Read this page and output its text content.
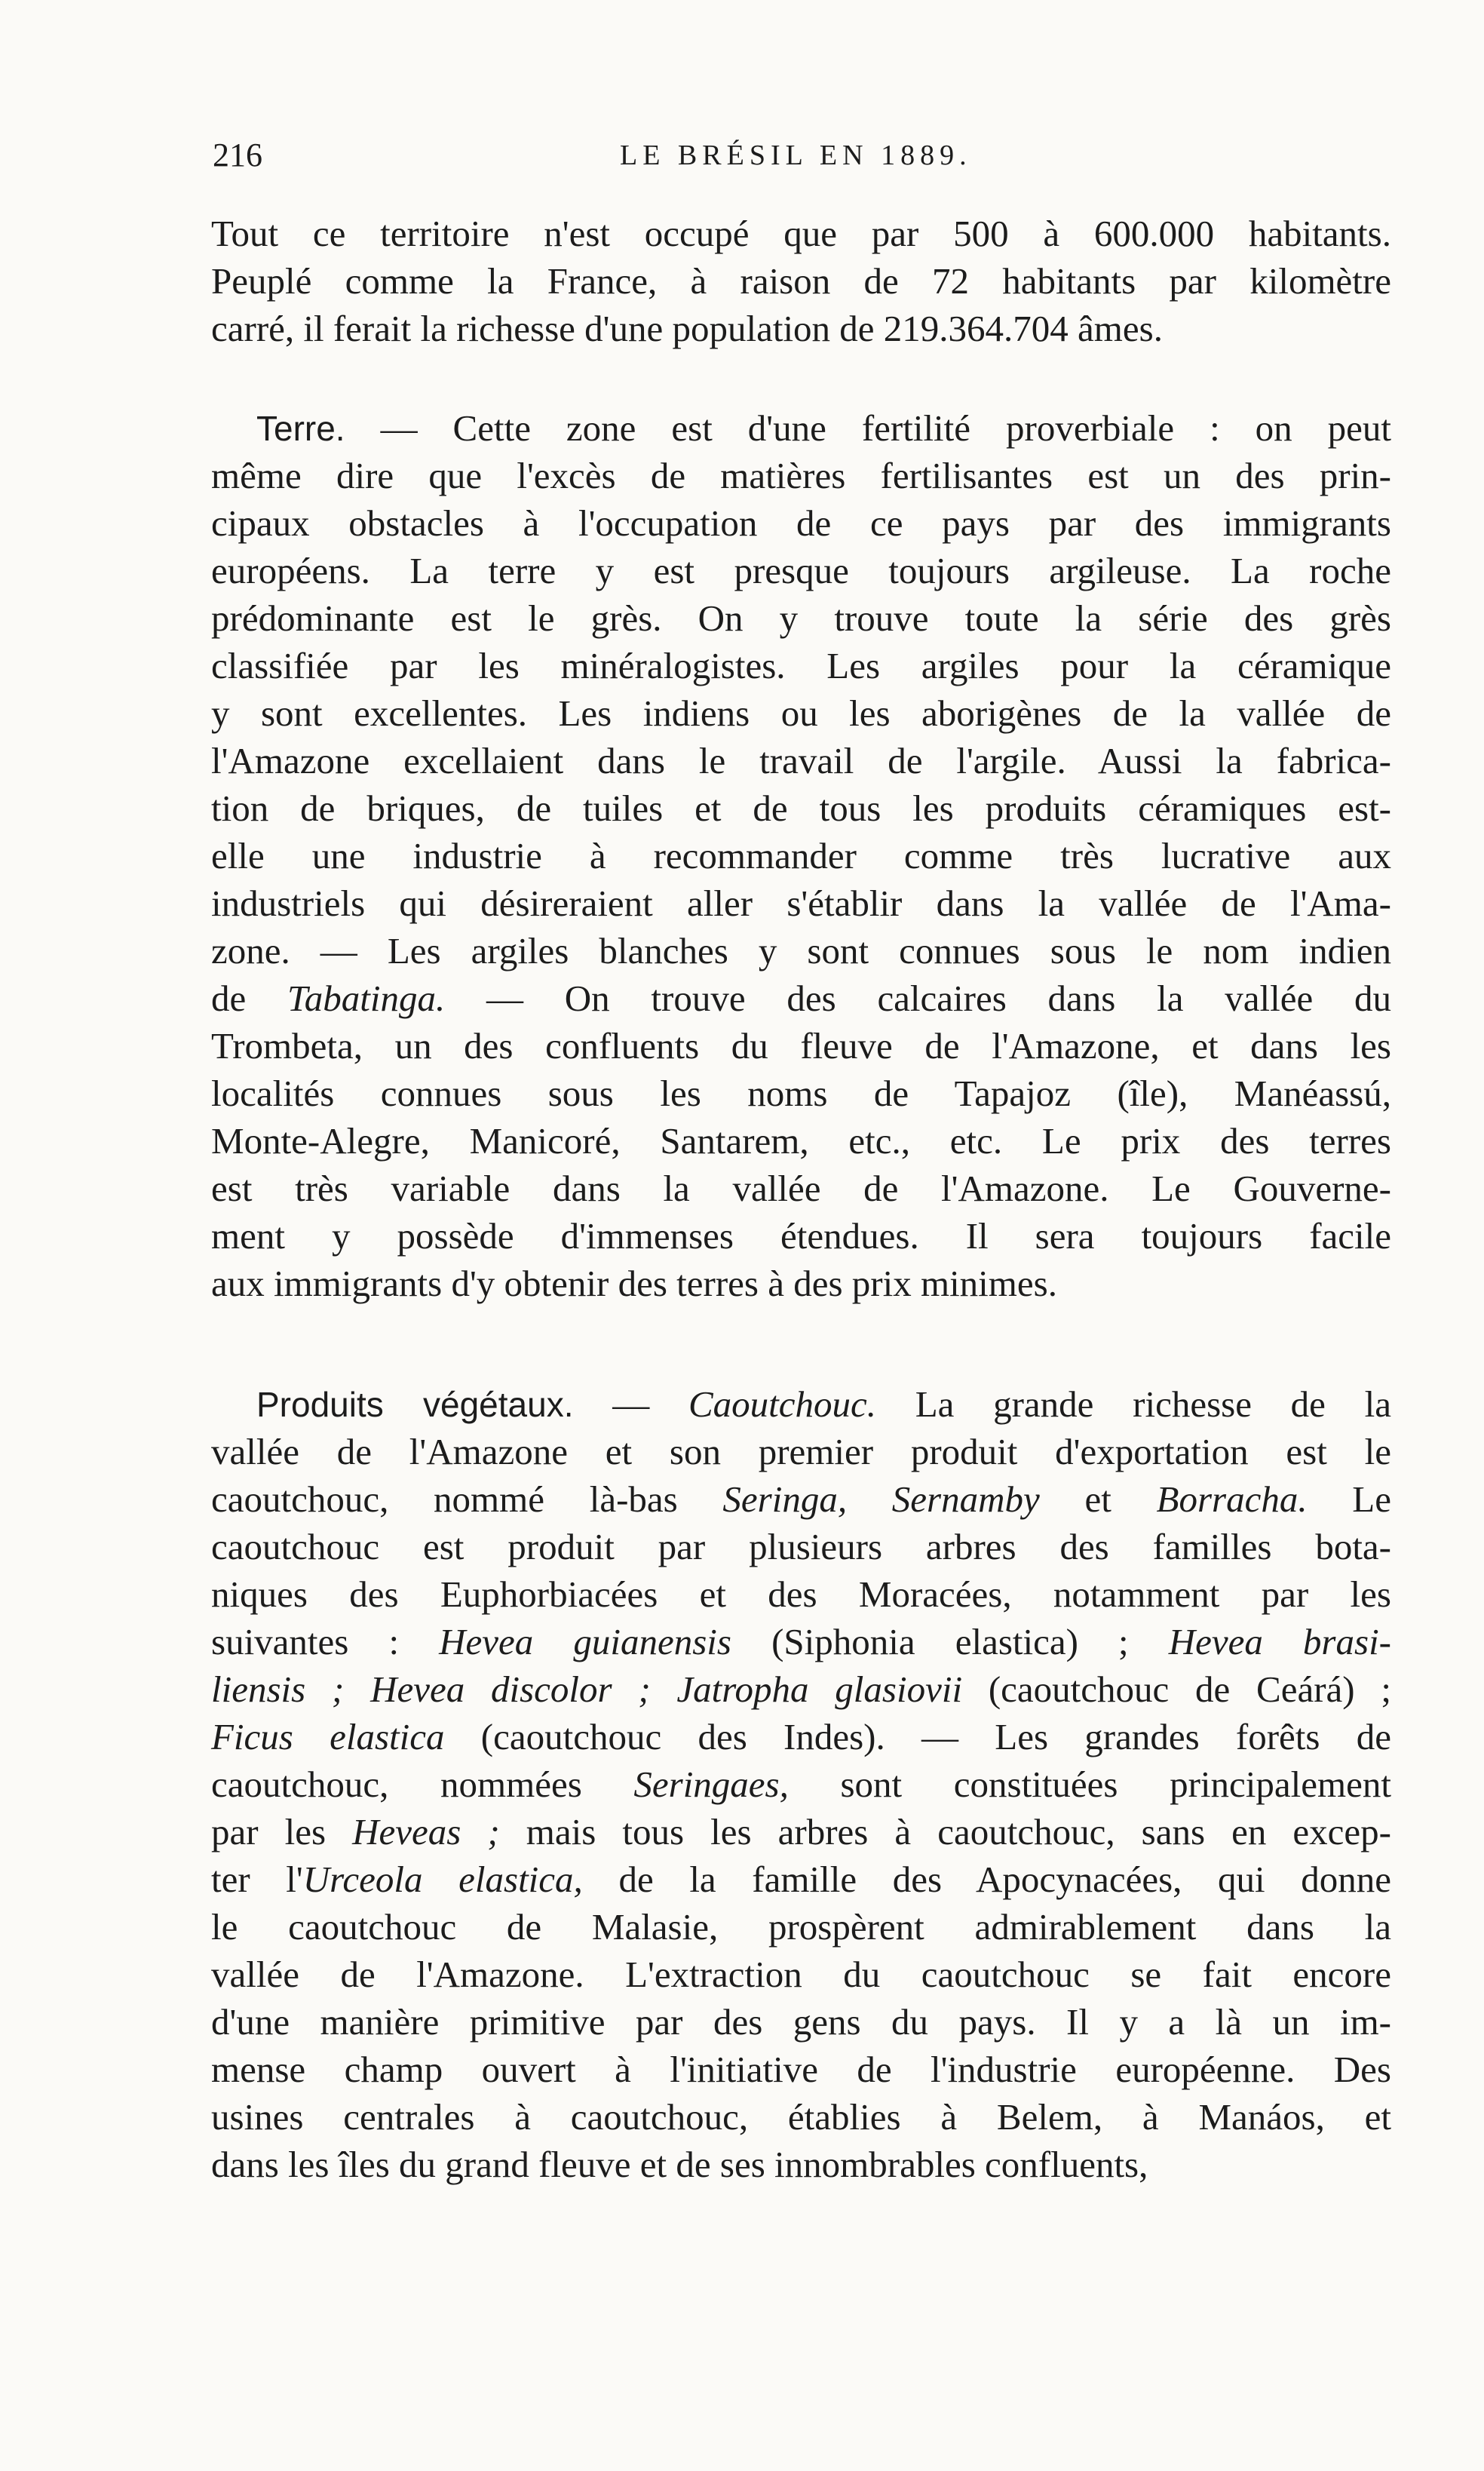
216	LE BRÉSIL EN 1889.
Tout ce territoire n'est occupé que par 500 à 600.000 habitants.
Peuplé comme la France, à raison de 72 habitants par kilomètre
carré, il ferait la richesse d'une population de 219.364.704 âmes.
Terre. — Cette zone est d'une fertilité proverbiale : on peut
même dire que l'excès de matières fertilisantes est un des prin-
cipaux obstacles à l'occupation de ce pays par des immigrants
européens. La terre y est presque toujours argileuse. La roche
prédominante est le grès. On y trouve toute la série des grès
classifiée par les minéralogistes. Les argiles pour la céramique
y sont excellentes. Les indiens ou les aborigènes de la vallée de
l'Amazone excellaient dans le travail de l'argile. Aussi la fabrica-
tion de briques, de tuiles et de tous les produits céramiques est-
elle une industrie à recommander comme très lucrative aux
industriels qui désireraient aller s'établir dans la vallée de l'Ama-
zone. — Les argiles blanches y sont connues sous le nom indien
de Tabatinga. — On trouve des calcaires dans la vallée du
Trombeta, un des confluents du fleuve de l'Amazone, et dans les
localités connues sous les noms de Tapajoz (île), Manéassú,
Monte-Alegre, Manicoré, Santarem, etc., etc. Le prix des terres
est très variable dans la vallée de l'Amazone. Le Gouverne-
ment y possède d'immenses étendues. Il sera toujours facile
aux immigrants d'y obtenir des terres à des prix minimes.
Produits végétaux. — Caoutchouc. La grande richesse de la
vallée de l'Amazone et son premier produit d'exportation est le
caoutchouc, nommé là-bas Seringa, Sernamby et Borracha. Le
caoutchouc est produit par plusieurs arbres des familles bota-
niques des Euphorbiacées et des Moracées, notamment par les
suivantes : Hevea guianensis (Siphonia elastica) ; Hevea brasi-
liensis ; Hevea discolor ; Jatropha glasiovii (caoutchouc de Ceárá) ;
Ficus elastica (caoutchouc des Indes). — Les grandes forêts de
caoutchouc, nommées Seringaes, sont constituées principalement
par les Heveas ; mais tous les arbres à caoutchouc, sans en excep-
ter l'Urceola elastica, de la famille des Apocynacées, qui donne
le caoutchouc de Malasie, prospèrent admirablement dans la
vallée de l'Amazone. L'extraction du caoutchouc se fait encore
d'une manière primitive par des gens du pays. Il y a là un im-
mense champ ouvert à l'initiative de l'industrie européenne. Des
usines centrales à caoutchouc, établies à Belem, à Manáos, et
dans les îles du grand fleuve et de ses innombrables confluents,
